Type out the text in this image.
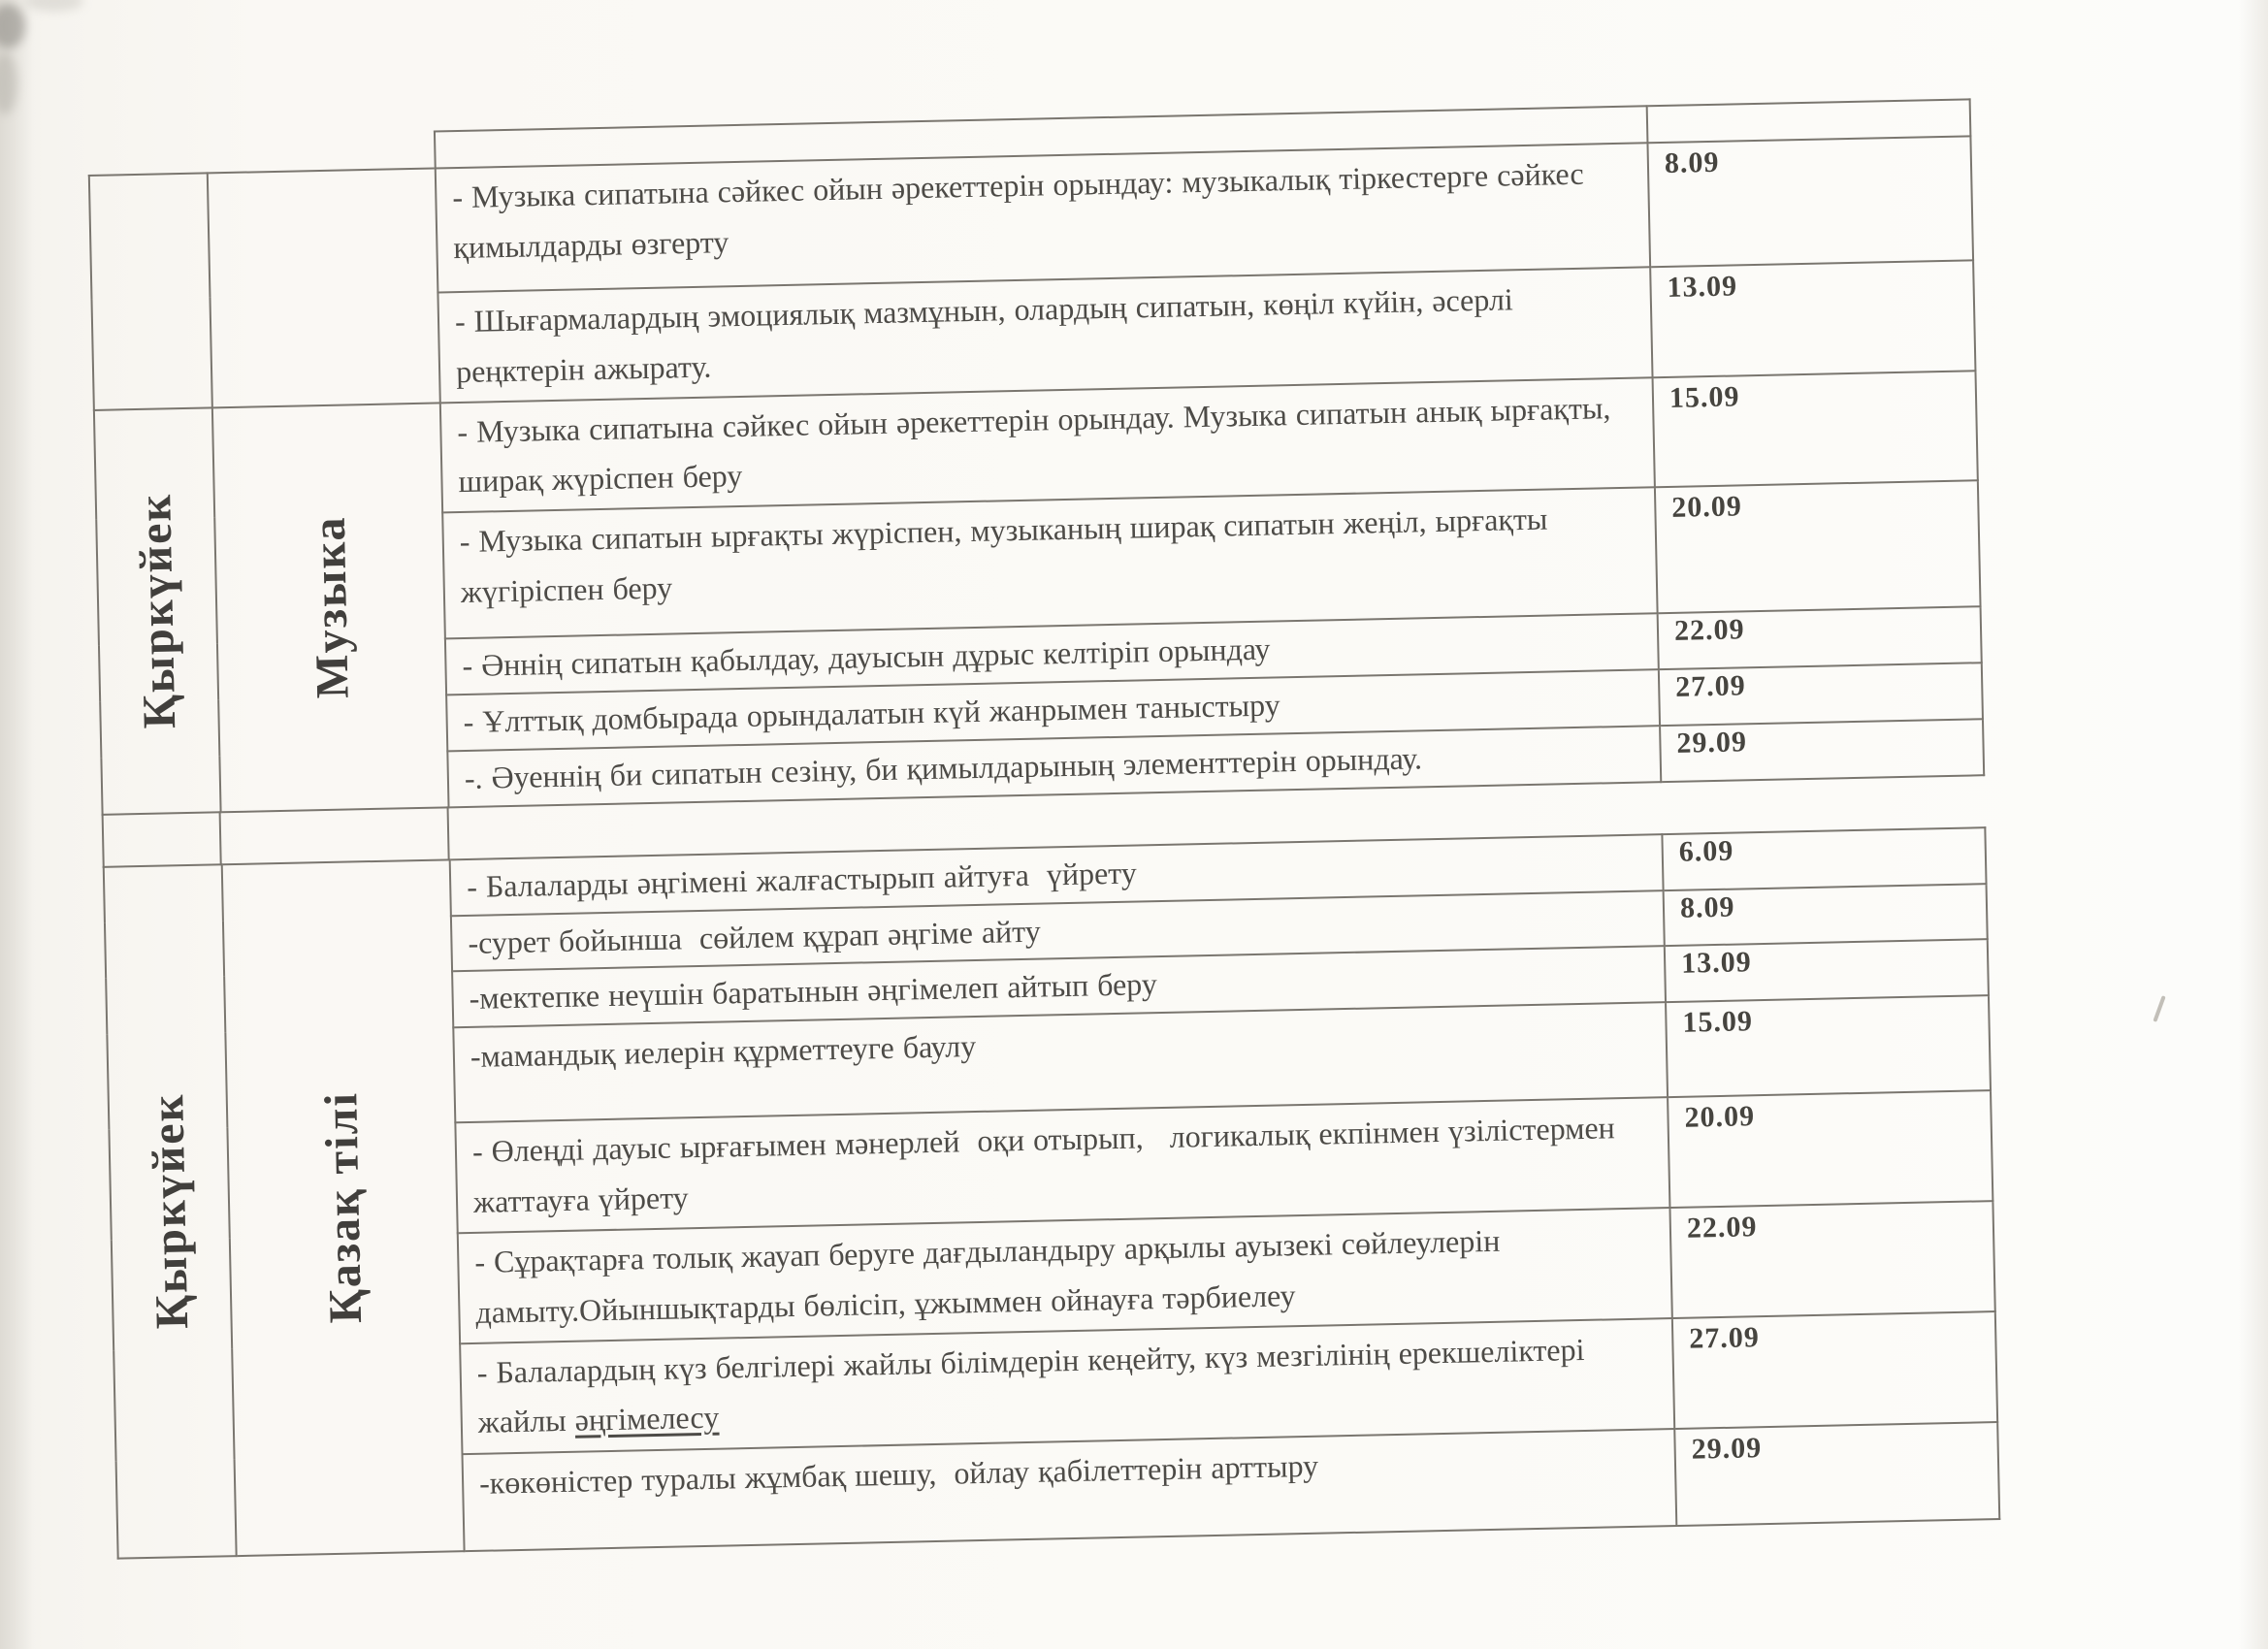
		- Музыка сипатына сәйкес ойын әрекеттерін орындау: музыкалық тіркестерге сәйкес қимылдарды өзгерту	8.09
		- Шығармалардың эмоциялық мазмұнын, олардың сипатын, көңіл күйін, әсерлі реңктерін ажырату.	13.09

Қыркүйек	Музыка	- Музыка сипатына сәйкес ойын әрекеттерін орындау. Музыка сипатын анық ырғақты, ширақ жүріспен беру	15.09
		- Музыка сипатын ырғақты жүріспен, музыканың ширақ сипатын жеңіл, ырғақты жүгіріспен беру	20.09
		- Әннің сипатын қабылдау, дауысын дұрыс келтіріп орындау	22.09
		- Ұлттық домбырада орындалатын күй жанрымен таныстыру	27.09
		-. Әуеннің би сипатын сезіну, би қимылдарының элементтерін орындау.	29.09
Қыркүйек	Қазақ тілі	- Балаларды әңгімені жалғастырып айтуға  үйрету	6.09
		-сурет бойынша  сөйлем құрап әңгіме айту	8.09
		-мектепке неүшін баратынын әңгімелеп айтып беру	13.09
		-мамандық иелерін құрметтеуге баулу	15.09
		- Өлеңді дауыс ырғағымен мәнерлей  оқи отырып,   логикалық екпінмен үзілістермен жаттауға үйрету	20.09
		- Сұрақтарға толық жауап беруге дағдыландыру арқылы ауызекі сөйлеулерін дамыту.Ойыншықтарды бөлісіп, ұжыммен ойнауға тәрбиелеу	22.09
		- Балалардың күз белгілері жайлы білімдерін кеңейту, күз мезгілінің ерекшеліктері жайлы әңгімелесу	27.09
		-көкөністер туралы жұмбақ шешу,  ойлау қабілеттерін арттыру	29.09
